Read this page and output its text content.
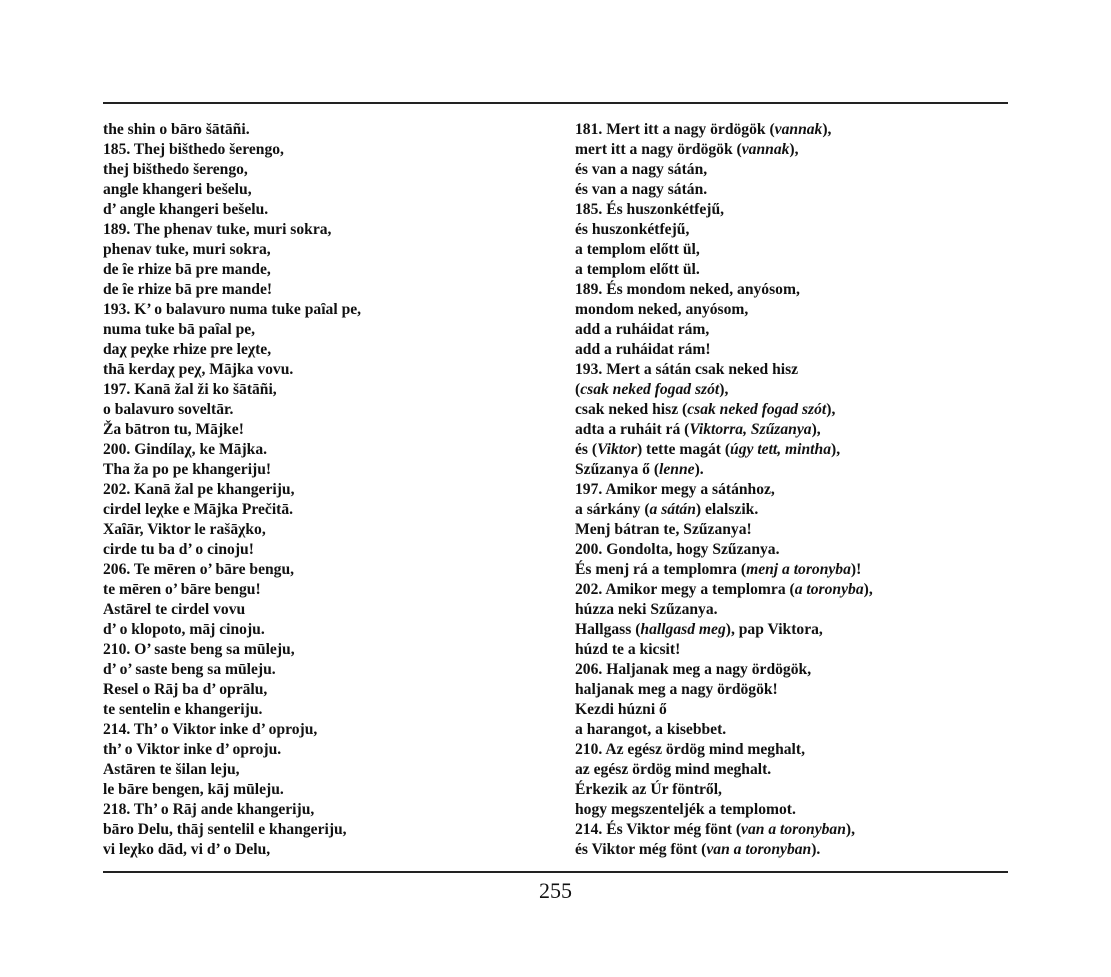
the shin o bāro šātāñi.
185. Thej bišthedo šerengo,
thej bišthedo šerengo,
angle khangeri bešelu,
d’ angle khangeri bešelu.
189. The phenav tuke, muri sokra,
phenav tuke, muri sokra,
de ȋe rhize bā pre mande,
de ȋe rhize bā pre mande!
193. K’ o balavuro numa tuke paȋal pe,
numa tuke bā paȋal pe,
daχ peχke rhize pre leχte,
thā kerdaχ peχ, Mājka vovu.
197. Kanā žal ži ko šātāñi,
o balavuro soveltār.
Ža bātron tu, Mājke!
200. Gindílaχ, ke Mājka.
Tha ža po pe khangeriju!
202. Kanā žal pe khangeriju,
cirdel leχke e Mājka Prečitā.
Xaȋār, Viktor le rašāχko,
cirde tu ba d’ o cinoju!
206. Te mēren o’ bāre bengu,
te mēren o’ bāre bengu!
Astārel te cirdel vovu
d’ o klopoto, māj cinoju.
210. O’ saste beng sa mūleju,
d’ o’ saste beng sa mūleju.
Resel o Rāj ba d’ oprālu,
te sentelin e khangeriju.
214. Th’ o Viktor inke d’ oproju,
th’ o Viktor inke d’ oproju.
Astāren te šilan leju,
le bāre bengen, kāj mūleju.
218. Th’ o Rāj ande khangeriju,
bāro Delu, thāj sentelil e khangeriju,
vi leχko dād, vi d’ o Delu,
181. Mert itt a nagy ördögök (vannak),
mert itt a nagy ördögök (vannak),
és van a nagy sátán,
és van a nagy sátán.
185. És huszonkétfejű,
és huszonkétfejű,
a templom előtt ül,
a templom előtt ül.
189. És mondom neked, anyósom,
mondom neked, anyósom,
add a ruháidat rám,
add a ruháidat rám!
193. Mert a sátán csak neked hisz
(csak neked fogad szót),
csak neked hisz (csak neked fogad szót),
adta a ruháit rá (Viktorra, Szűzanya),
és (Viktor) tette magát (úgy tett, mintha),
Szűzanya ő (lenne).
197. Amikor megy a sátánhoz,
a sárkány (a sátán) elalszik.
Menj bátran te, Szűzanya!
200. Gondolta, hogy Szűzanya.
És menj rá a templomra (menj a toronyba)!
202. Amikor megy a templomra (a toronyba),
húzza neki Szűzanya.
Hallgass (hallgasd meg), pap Viktora,
húzd te a kicsit!
206. Haljanak meg a nagy ördögök,
haljanak meg a nagy ördögök!
Kezdi húzni ő
a harangot, a kisebbet.
210. Az egész ördög mind meghalt,
az egész ördög mind meghalt.
Érkezik az Úr föntről,
hogy megszenteljék a templomot.
214. És Viktor még fönt (van a toronyban),
és Viktor még fönt (van a toronyban).
255
